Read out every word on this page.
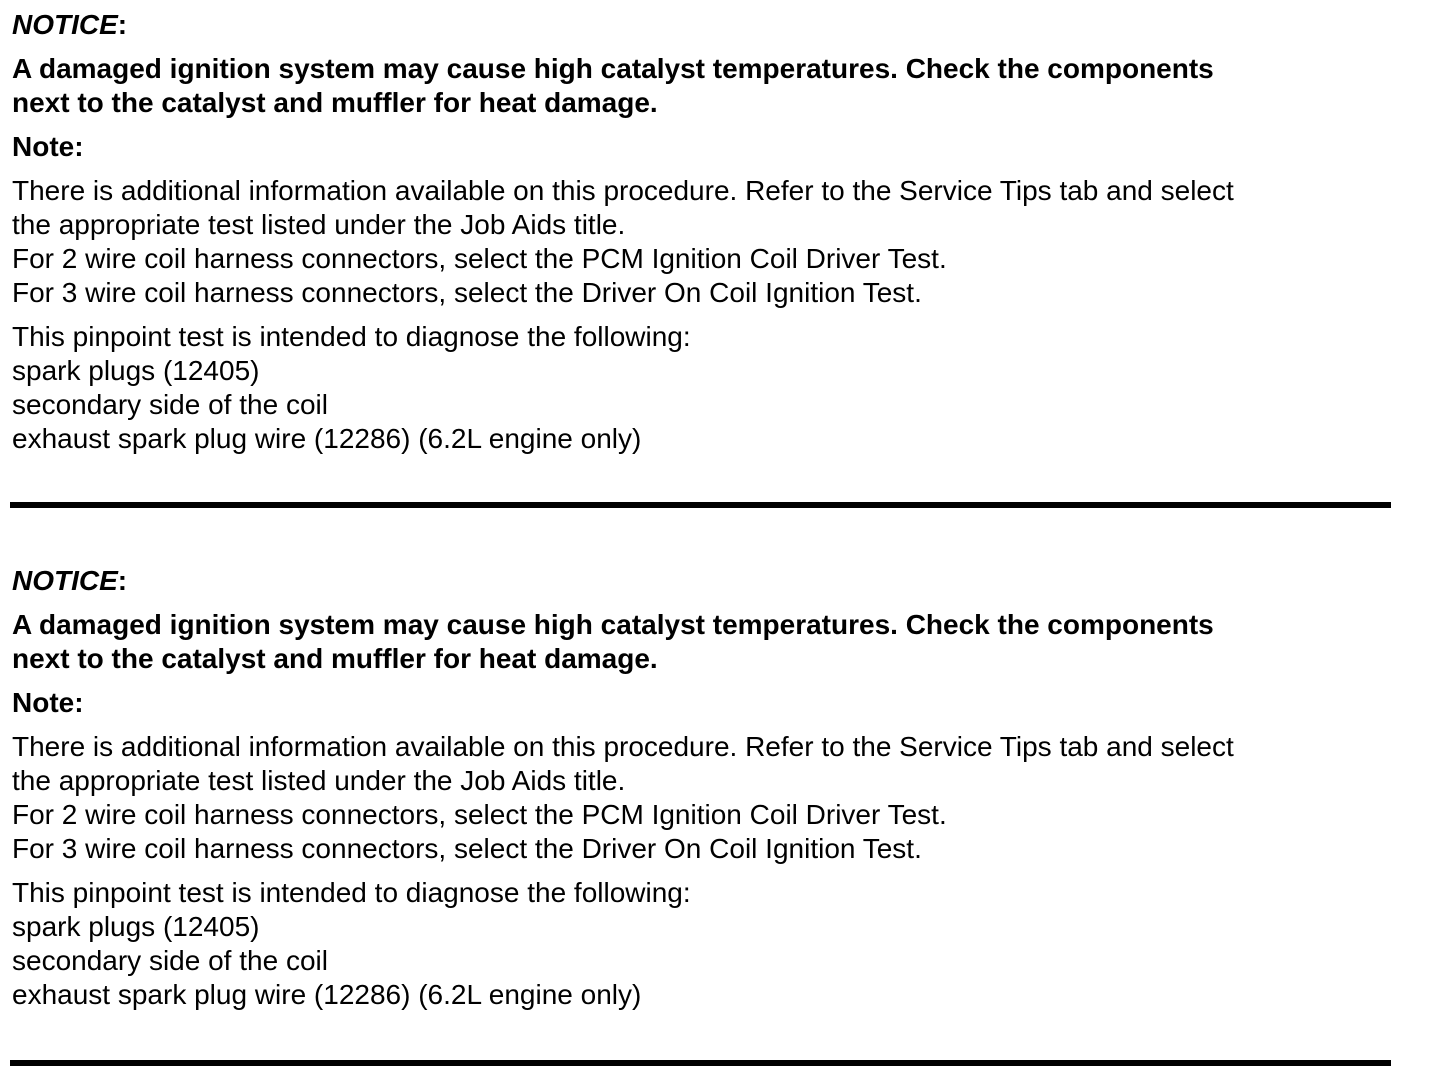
NOTICE:
A damaged ignition system may cause high catalyst temperatures. Check the components
next to the catalyst and muffler for heat damage.
Note:
There is additional information available on this procedure. Refer to the Service Tips tab and select
the appropriate test listed under the Job Aids title.
For 2 wire coil harness connectors, select the PCM Ignition Coil Driver Test.
For 3 wire coil harness connectors, select the Driver On Coil Ignition Test.
This pinpoint test is intended to diagnose the following:
spark plugs (12405)
secondary side of the coil
exhaust spark plug wire (12286) (6.2L engine only)
NOTICE:
A damaged ignition system may cause high catalyst temperatures. Check the components
next to the catalyst and muffler for heat damage.
Note:
There is additional information available on this procedure. Refer to the Service Tips tab and select
the appropriate test listed under the Job Aids title.
For 2 wire coil harness connectors, select the PCM Ignition Coil Driver Test.
For 3 wire coil harness connectors, select the Driver On Coil Ignition Test.
This pinpoint test is intended to diagnose the following:
spark plugs (12405)
secondary side of the coil
exhaust spark plug wire (12286) (6.2L engine only)
